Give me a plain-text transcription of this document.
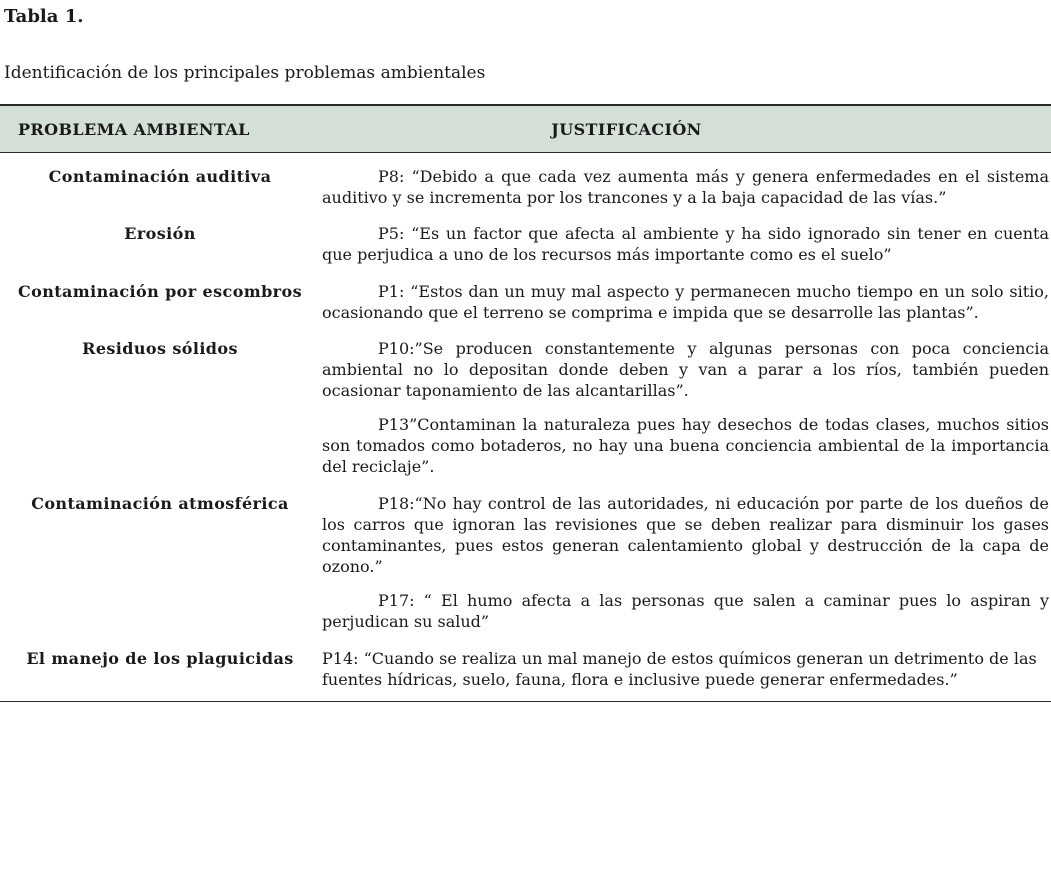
Tabla 1.

Identificación de los principales problemas ambientales

PROBLEMA AMBIENTAL	JUSTIFICACIÓN
Contaminación auditiva	P8: “Debido a que cada vez aumenta más y genera enfermedades en el sistema auditivo y se incrementa por los trancones y a la baja capacidad de las vías.”

Erosión	P5: “Es un factor que afecta al ambiente y ha sido ignorado sin tener en cuenta que perjudica a uno de los recursos más importante como es el suelo”

Contaminación por escombros	P1: “Estos dan un muy mal aspecto y permanecen mucho tiempo en un solo sitio, ocasionando que el terreno se comprima e impida que se desarrolle las plantas”.

Residuos sólidos	P10:”Se producen constantemente y algunas personas con poca conciencia ambiental no lo depositan donde deben y van a parar a los ríos, también pueden ocasionar taponamiento de las alcantarillas”.

P13”Contaminan la naturaleza pues hay desechos de todas clases, muchos sitios son tomados como botaderos, no hay una buena conciencia ambiental de la importancia del reciclaje”.

Contaminación atmosférica	P18:“No hay control de las autoridades, ni educación por parte de los dueños de los carros que ignoran las revisiones que se deben realizar para disminuir los gases contaminantes, pues estos generan calentamiento global y destrucción de la capa de ozono.”

P17: “ El humo afecta a las personas que salen a caminar pues lo aspiran y perjudican su salud”

El manejo de los plaguicidas	P14: “Cuando se realiza un mal manejo de estos químicos generan un detrimento de las fuentes hídricas, suelo, fauna, flora e inclusive puede generar enfermedades.”
